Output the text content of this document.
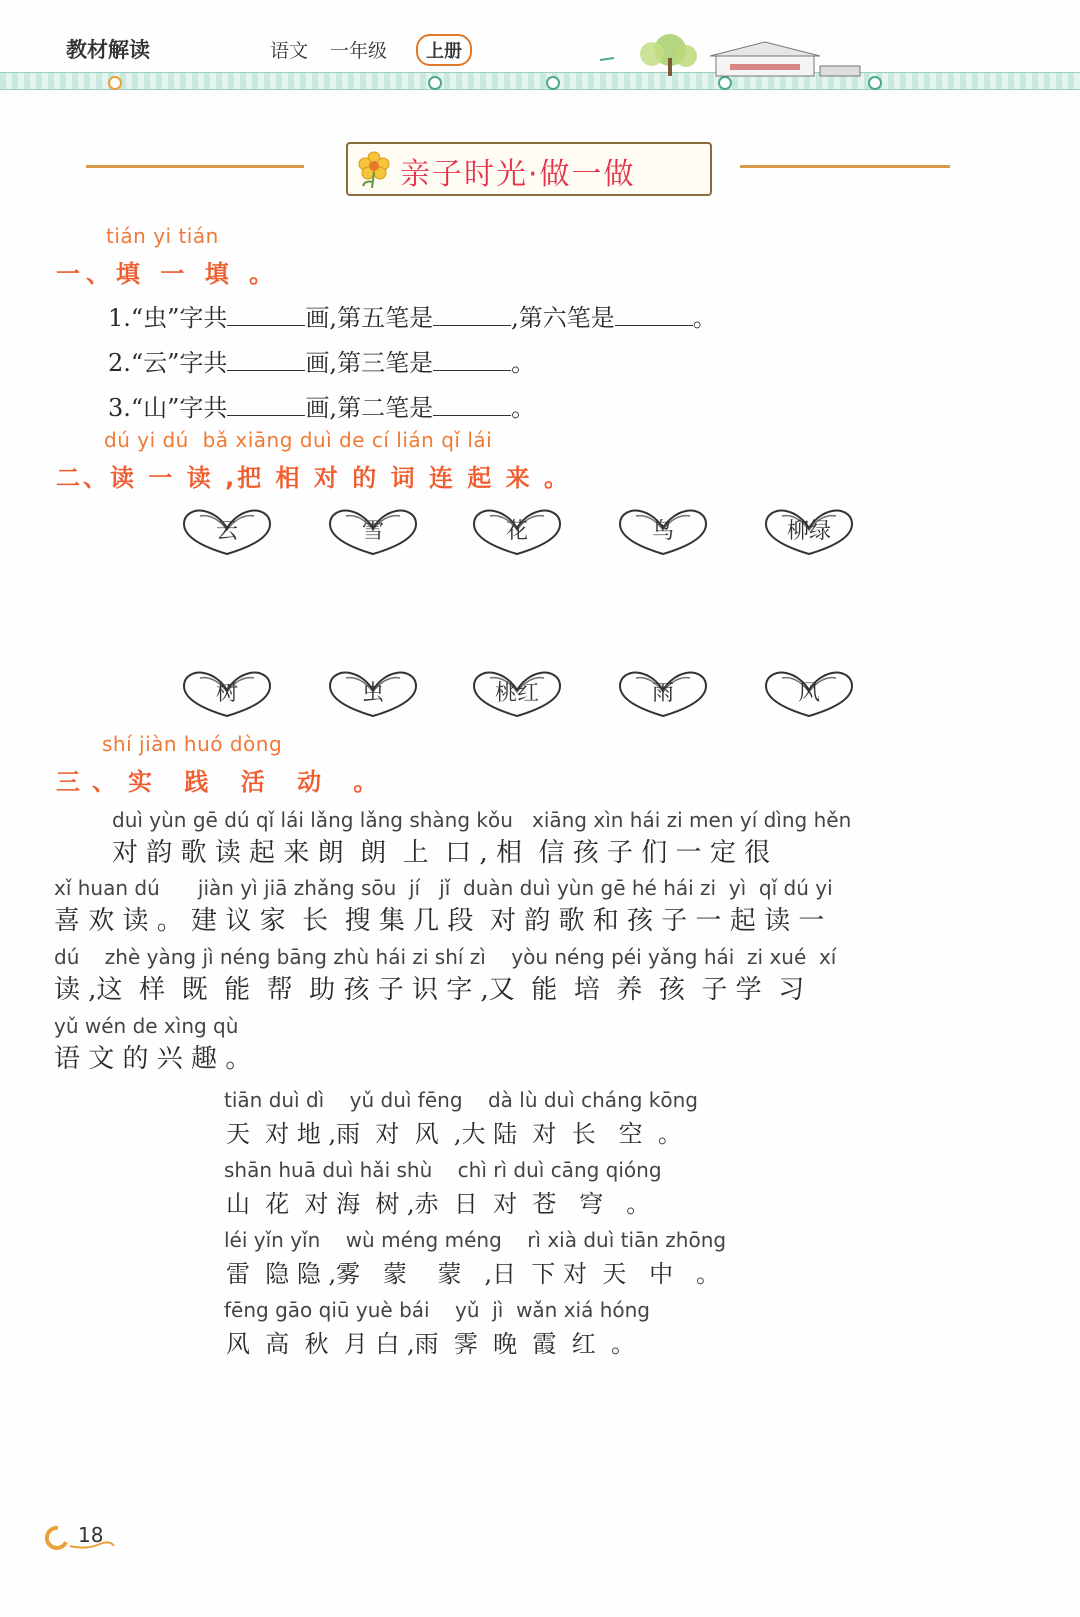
教材解读	语文 一年级	上册
亲子时光·做一做
tián yi tián
一、填 一 填 。
1.“虫”字共	画,第五笔是	,第六笔是	。
2.“云”字共	画,第三笔是	。
3.“山”字共	画,第二笔是	。
dú yi dú  bǎ xiāng duì de cí lián qǐ lái
二、读 一 读 ,把 相 对 的 词 连 起 来 。
云	雪	花	鸟	柳绿
树	虫	桃红	雨	风
shí jiàn huó dòng
三、实 践 活 动 。
duì yùn gē dú qǐ lái lǎng lǎng shàng kǒu   xiāng xìn hái zi men yí dìng hěn
对 韵 歌 读 起 来 朗  朗  上  口 , 相  信 孩 子 们 一 定 很
xǐ huan dú      jiàn yì jiā zhǎng sōu  jí   jǐ  duàn duì yùn gē hé hái zi  yì  qǐ dú yi
喜 欢 读 。 建 议 家  长  搜 集 几 段  对 韵 歌 和 孩 子 一 起 读 一
dú    zhè yàng jì néng bāng zhù hái zi shí zì    yòu néng péi yǎng hái  zi xué  xí
读 ,这  样  既  能  帮  助 孩 子 识 字 ,又  能  培  养  孩  子 学  习
yǔ wén de xìng qù
语 文 的 兴 趣 。
tiān duì dì    yǔ duì fēng    dà lù duì cháng kōng
天  对 地 ,雨  对  风  ,大 陆  对  长   空  。
shān huā duì hǎi shù    chì rì duì cāng qióng
山  花  对 海  树 ,赤  日  对  苍   穹   。
léi yǐn yǐn    wù méng méng    rì xià duì tiān zhōng
雷  隐 隐 ,雾   蒙    蒙   ,日  下 对  天   中   。
fēng gāo qiū yuè bái    yǔ  jì  wǎn xiá hóng
风  高  秋  月 白 ,雨  霁  晚  霞  红  。
18
